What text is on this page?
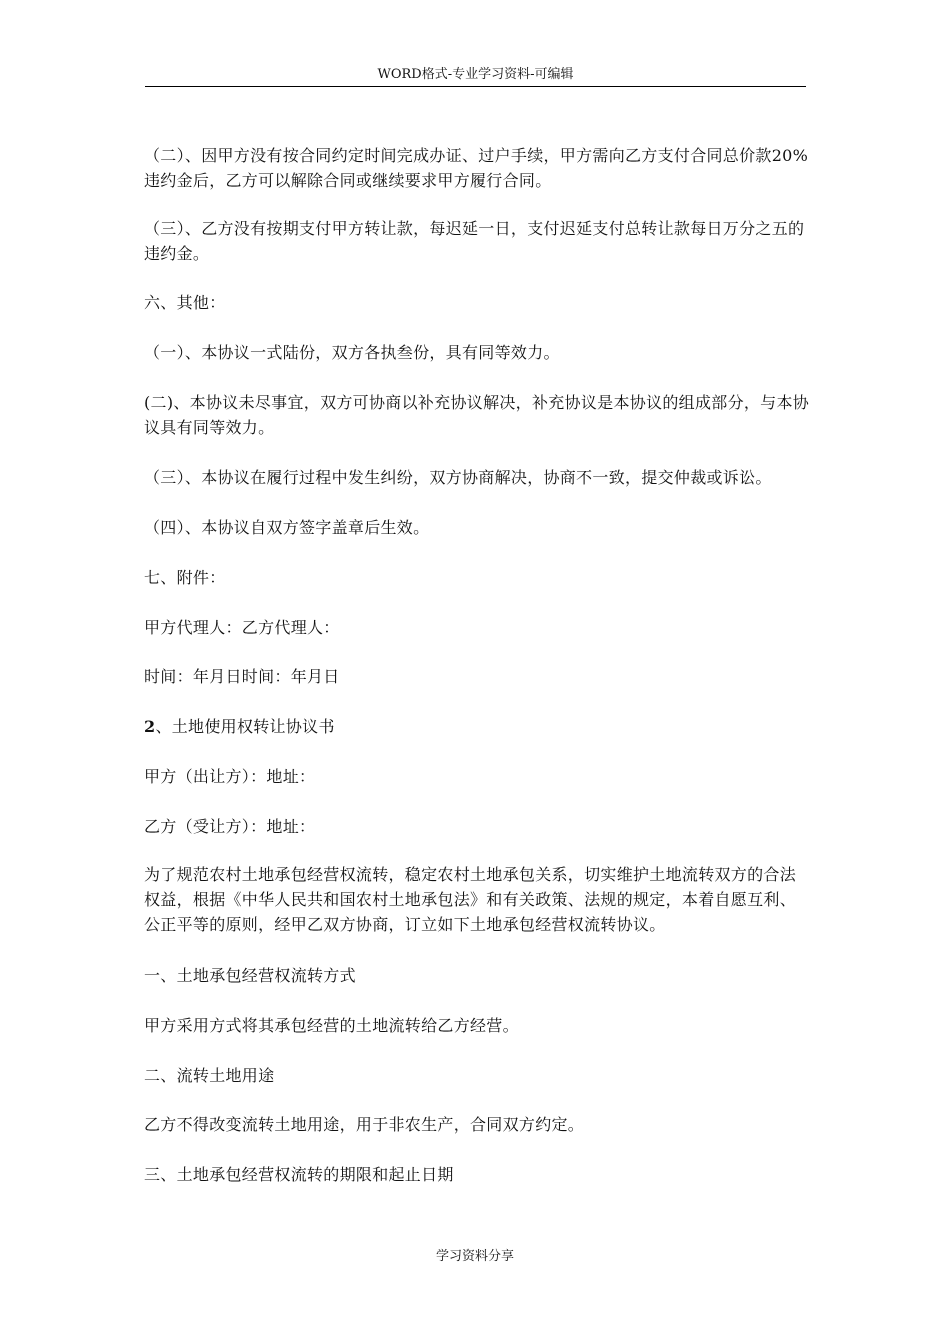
WORD格式-专业学习资料-可编辑

（二）、因甲方没有按合同约定时间完成办证、过户手续，甲方需向乙方支付合同总价款20%违约金后，乙方可以解除合同或继续要求甲方履行合同。

（三）、乙方没有按期支付甲方转让款，每迟延一日，支付迟延支付总转让款每日万分之五的违约金。

六、其他：

（一）、本协议一式陆份，双方各执叁份，具有同等效力。

(二)、本协议未尽事宜，双方可协商以补充协议解决，补充协议是本协议的组成部分，与本协议具有同等效力。

（三）、本协议在履行过程中发生纠纷，双方协商解决，协商不一致，提交仲裁或诉讼。

（四）、本协议自双方签字盖章后生效。

七、附件：

甲方代理人：乙方代理人：

时间：年月日时间：年月日

2、土地使用权转让协议书

甲方（出让方）：地址：

乙方（受让方）：地址：

为了规范农村土地承包经营权流转，稳定农村土地承包关系，切实维护土地流转双方的合法权益，根据《中华人民共和国农村土地承包法》和有关政策、法规的规定，本着自愿互利、公正平等的原则，经甲乙双方协商，订立如下土地承包经营权流转协议。

一、土地承包经营权流转方式

甲方采用方式将其承包经营的土地流转给乙方经营。

二、流转土地用途

乙方不得改变流转土地用途，用于非农生产，合同双方约定。

三、土地承包经营权流转的期限和起止日期

学习资料分享
